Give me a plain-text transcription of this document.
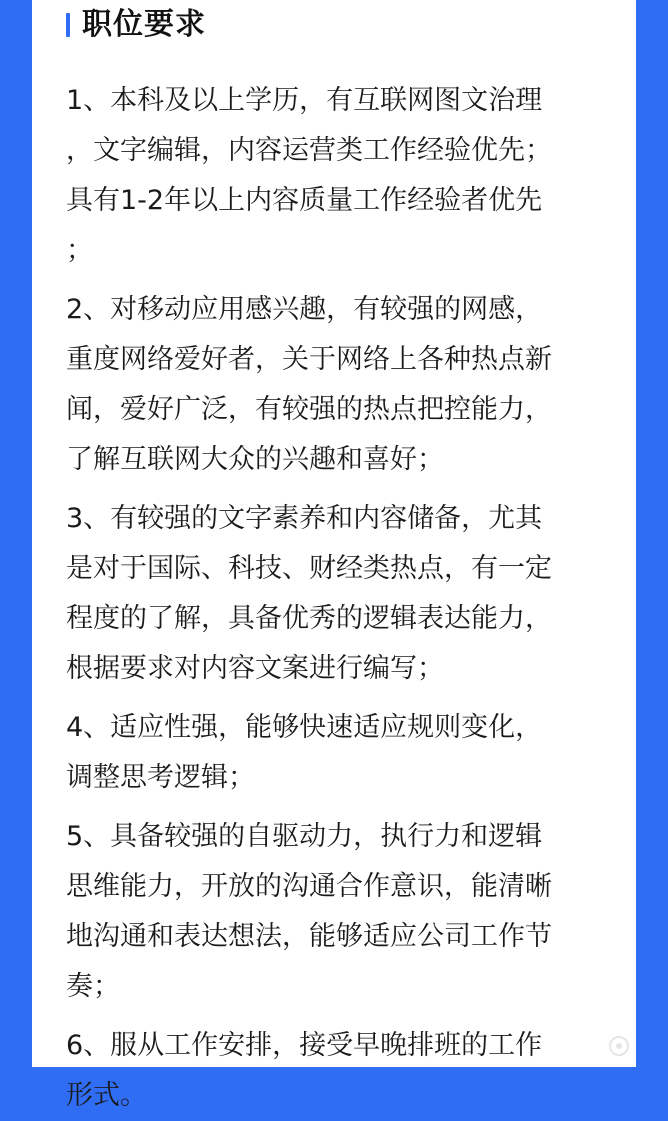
职位要求
1、本科及以上学历，有互联网图文治理
，文字编辑，内容运营类工作经验优先；
具有1-2年以上内容质量工作经验者优先
；
2、对移动应用感兴趣，有较强的网感，
重度网络爱好者，关于网络上各种热点新
闻，爱好广泛，有较强的热点把控能力，
了解互联网大众的兴趣和喜好；
3、有较强的文字素养和内容储备，尤其
是对于国际、科技、财经类热点，有一定
程度的了解，具备优秀的逻辑表达能力，
根据要求对内容文案进行编写；
4、适应性强，能够快速适应规则变化，
调整思考逻辑；
5、具备较强的自驱动力，执行力和逻辑
思维能力，开放的沟通合作意识，能清晰
地沟通和表达想法，能够适应公司工作节
奏；
6、服从工作安排，接受早晚排班的工作
形式。
